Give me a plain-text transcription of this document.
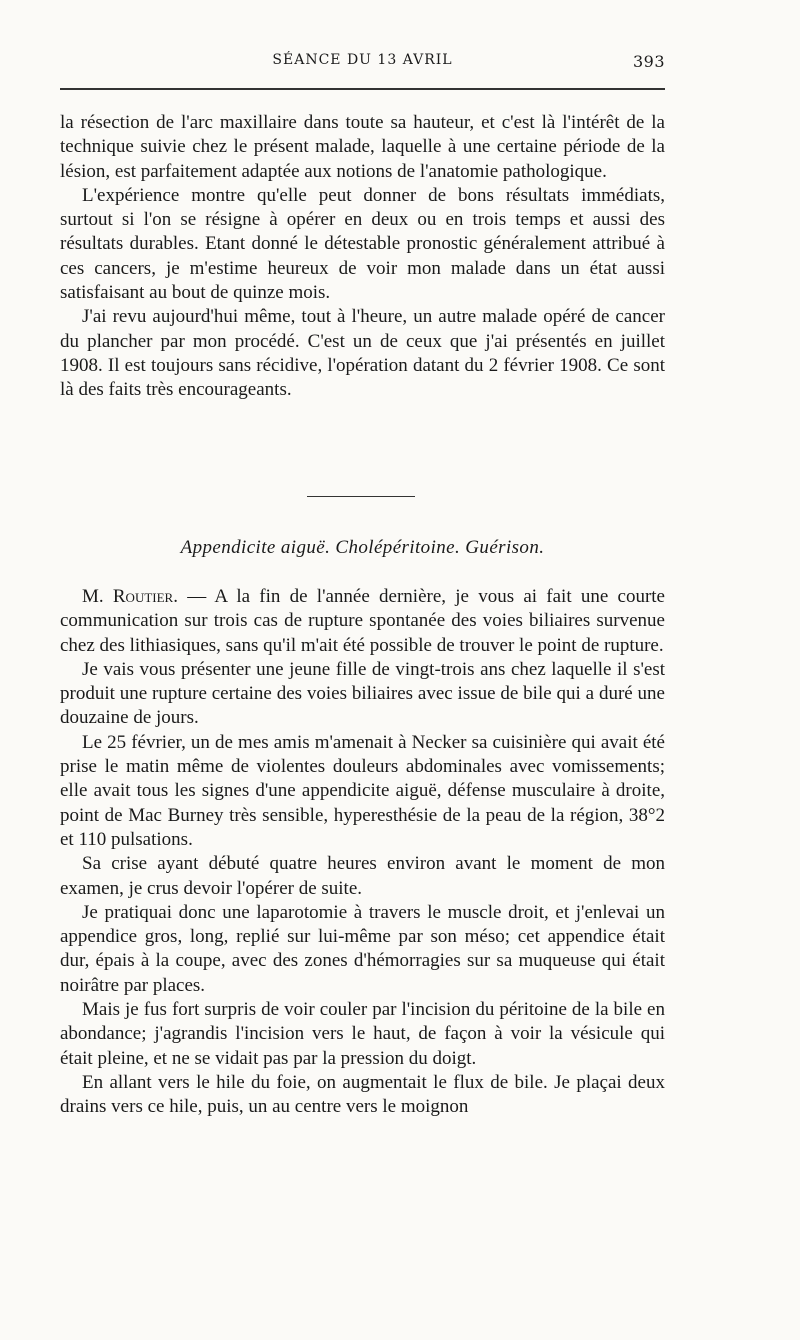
SÉANCE DU 13 AVRIL	393

la résection de l'arc maxillaire dans toute sa hauteur, et c'est là l'intérêt de la technique suivie chez le présent malade, laquelle à une certaine période de la lésion, est parfaitement adaptée aux notions de l'anatomie pathologique.

L'expérience montre qu'elle peut donner de bons résultats immédiats, surtout si l'on se résigne à opérer en deux ou en trois temps et aussi des résultats durables. Etant donné le détestable pronostic généralement attribué à ces cancers, je m'estime heureux de voir mon malade dans un état aussi satisfaisant au bout de quinze mois.

J'ai revu aujourd'hui même, tout à l'heure, un autre malade opéré de cancer du plancher par mon procédé. C'est un de ceux que j'ai présentés en juillet 1908. Il est toujours sans récidive, l'opération datant du 2 février 1908. Ce sont là des faits très encourageants.

Appendicite aiguë. Cholépéritoine. Guérison.

M. Routier. — A la fin de l'année dernière, je vous ai fait une courte communication sur trois cas de rupture spontanée des voies biliaires survenue chez des lithiasiques, sans qu'il m'ait été possible de trouver le point de rupture.

Je vais vous présenter une jeune fille de vingt-trois ans chez laquelle il s'est produit une rupture certaine des voies biliaires avec issue de bile qui a duré une douzaine de jours.

Le 25 février, un de mes amis m'amenait à Necker sa cuisinière qui avait été prise le matin même de violentes douleurs abdominales avec vomissements; elle avait tous les signes d'une appendicite aiguë, défense musculaire à droite, point de Mac Burney très sensible, hyperesthésie de la peau de la région, 38°2 et 110 pulsations.

Sa crise ayant débuté quatre heures environ avant le moment de mon examen, je crus devoir l'opérer de suite.

Je pratiquai donc une laparotomie à travers le muscle droit, et j'enlevai un appendice gros, long, replié sur lui-même par son méso; cet appendice était dur, épais à la coupe, avec des zones d'hémorragies sur sa muqueuse qui était noirâtre par places.

Mais je fus fort surpris de voir couler par l'incision du péritoine de la bile en abondance; j'agrandis l'incision vers le haut, de façon à voir la vésicule qui était pleine, et ne se vidait pas par la pression du doigt.

En allant vers le hile du foie, on augmentait le flux de bile. Je plaçai deux drains vers ce hile, puis, un au centre vers le moignon
